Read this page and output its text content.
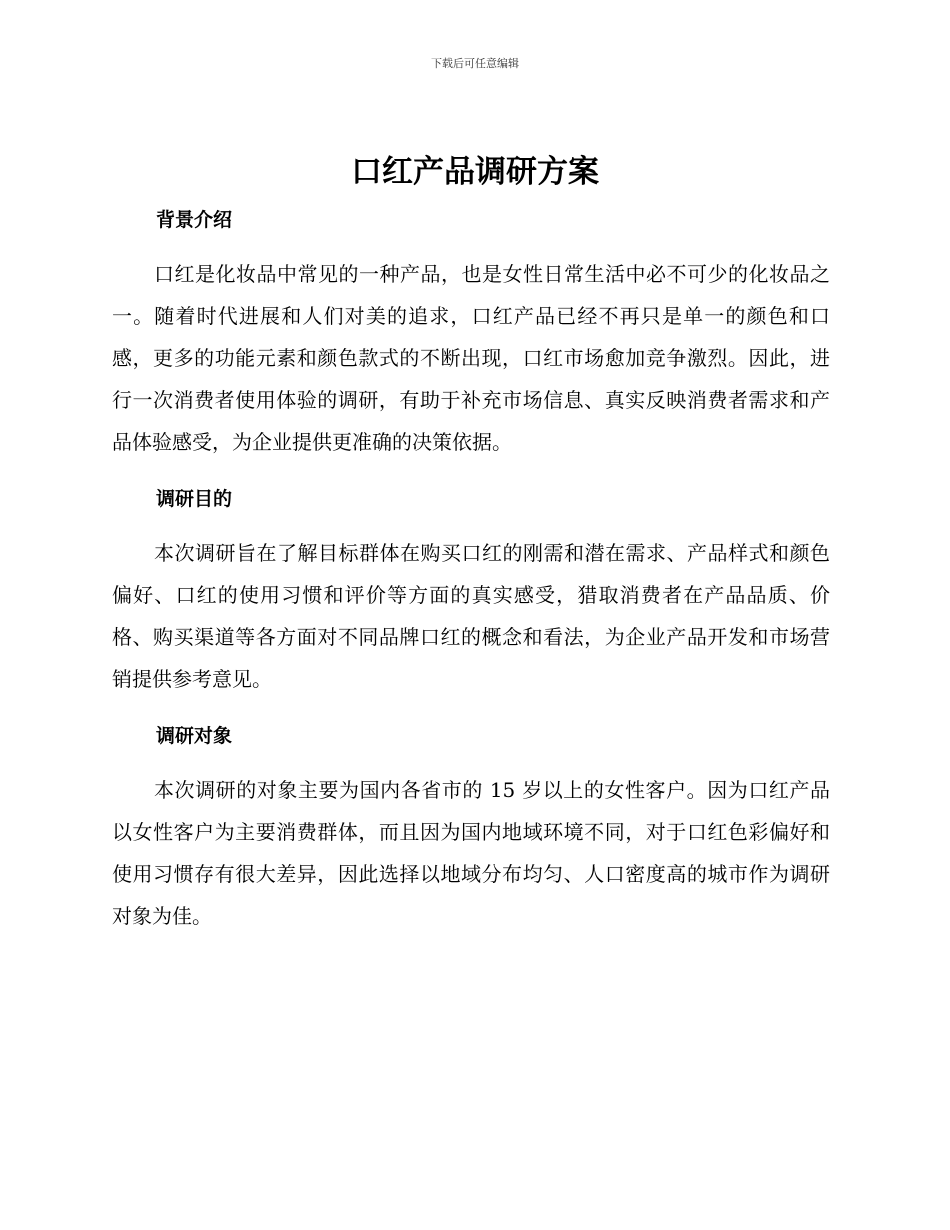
下载后可任意编辑
口红产品调研方案
背景介绍

口红是化妆品中常见的一种产品，也是女性日常生活中必不可少的化妆品之一。随着时代进展和人们对美的追求，口红产品已经不再只是单一的颜色和口感，更多的功能元素和颜色款式的不断出现，口红市场愈加竞争激烈。因此，进行一次消费者使用体验的调研，有助于补充市场信息、真实反映消费者需求和产品体验感受，为企业提供更准确的决策依据。

调研目的

本次调研旨在了解目标群体在购买口红的刚需和潜在需求、产品样式和颜色偏好、口红的使用习惯和评价等方面的真实感受，猎取消费者在产品品质、价格、购买渠道等各方面对不同品牌口红的概念和看法，为企业产品开发和市场营销提供参考意见。

调研对象

本次调研的对象主要为国内各省市的 15 岁以上的女性客户。因为口红产品以女性客户为主要消费群体，而且因为国内地域环境不同，对于口红色彩偏好和使用习惯存有很大差异，因此选择以地域分布均匀、人口密度高的城市作为调研对象为佳。
